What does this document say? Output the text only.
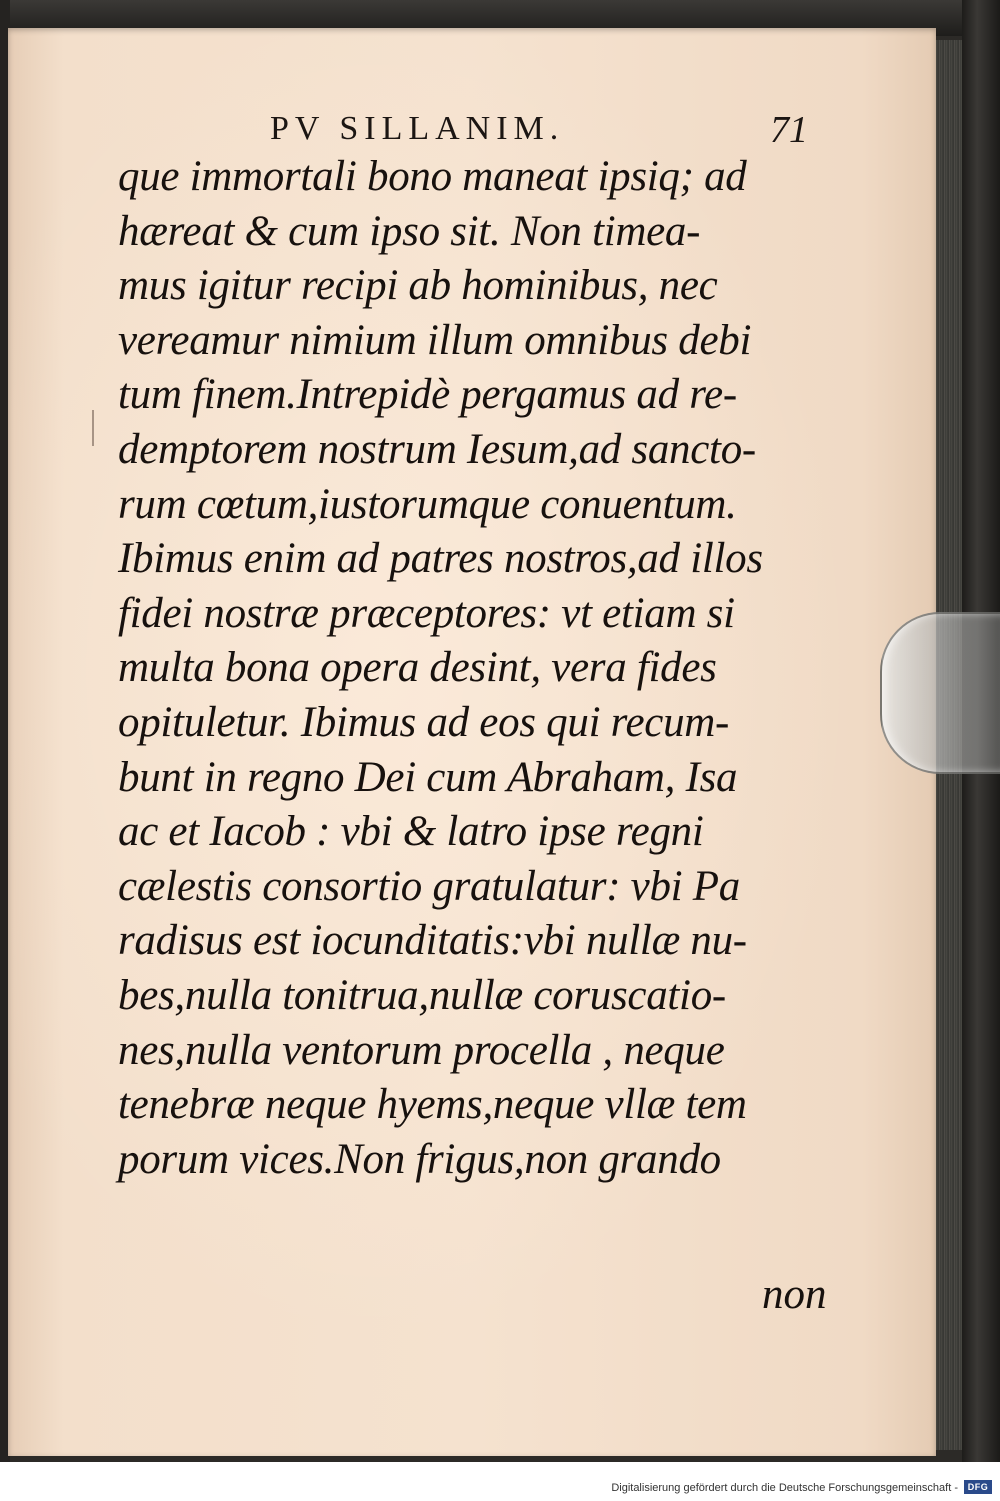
PV SILLANIM.	71
que immortali bono maneat ipsiq; ad
hæreat & cum ipso sit. Non timea-
mus igitur recipi ab hominibus, nec
vereamur nimium illum omnibus debi
tum finem.Intrepidè pergamus ad re-
demptorem nostrum Iesum,ad sancto-
rum cœtum,iustorumque conuentum.
Ibimus enim ad patres nostros,ad illos
fidei nostræ præceptores: vt etiam si
multa bona opera desint, vera fides
opituletur. Ibimus ad eos qui recum-
bunt in regno Dei cum Abraham, Isa
ac et Iacob : vbi & latro ipse regni
cælestis consortio gratulatur: vbi Pa
radisus est iocunditatis:vbi nullæ nu-
bes,nulla tonitrua,nullæ coruscatio-
nes,nulla ventorum procella , neque
tenebræ neque hyems,neque vllæ tem
porum vices.Non frigus,non grando
non
Digitalisierung gefördert durch die Deutsche Forschungsgemeinschaft -	DFG
